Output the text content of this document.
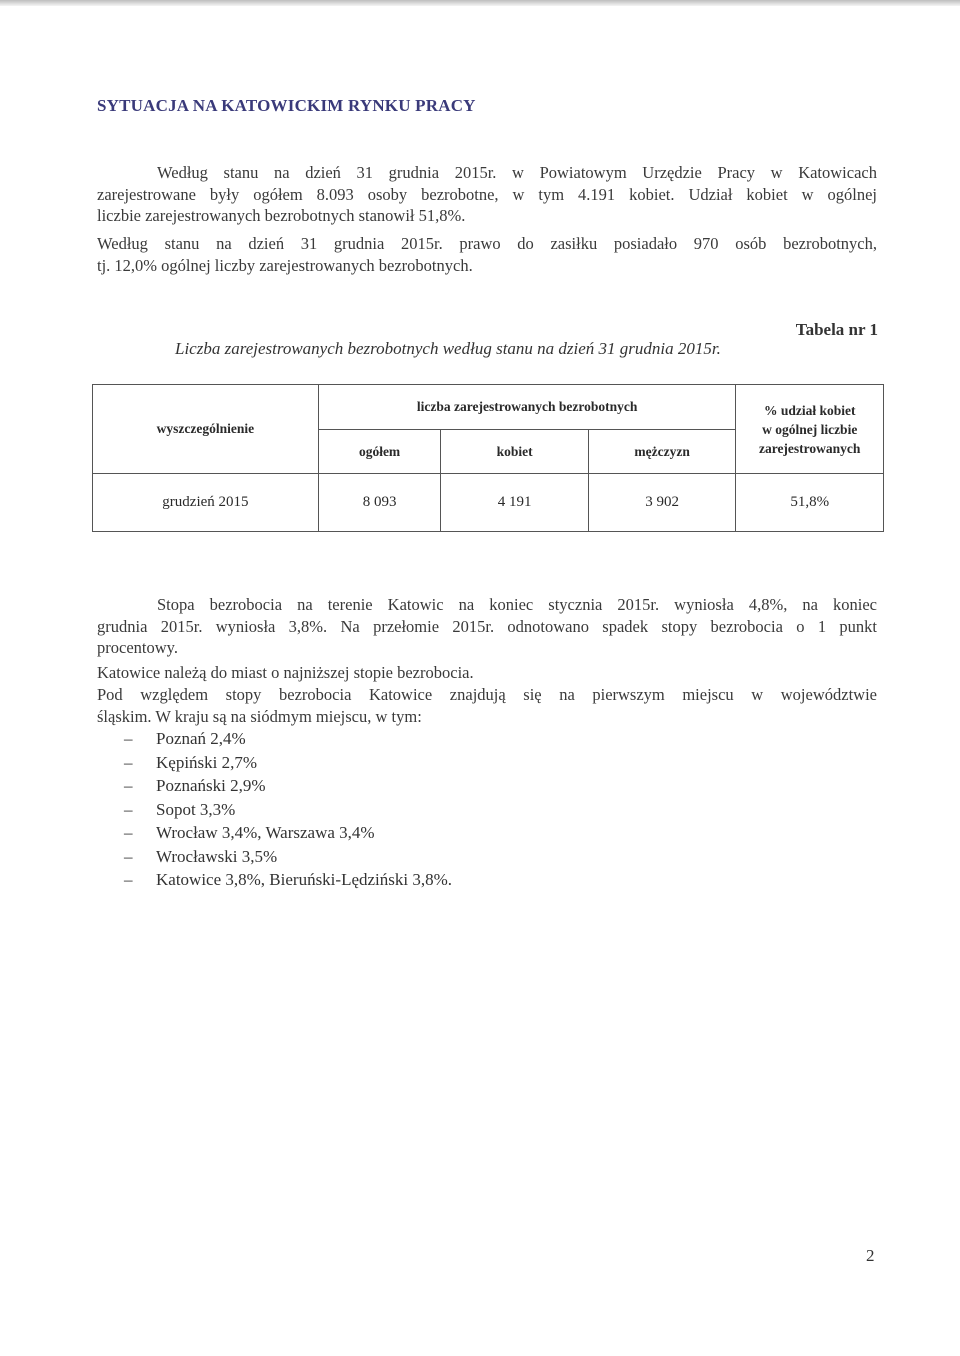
SYTUACJA NA KATOWICKIM RYNKU PRACY
Według stanu na dzień 31 grudnia 2015r. w Powiatowym Urzędzie Pracy w Katowicach
zarejestrowane były ogółem 8.093 osoby bezrobotne, w tym 4.191 kobiet. Udział kobiet w ogólnej
liczbie zarejestrowanych bezrobotnych stanowił 51,8%.
Według stanu na dzień 31 grudnia 2015r. prawo do zasiłku posiadało 970 osób bezrobotnych,
tj. 12,0% ogólnej liczby zarejestrowanych bezrobotnych.
Tabela nr 1
Liczba zarejestrowanych bezrobotnych według stanu na dzień 31 grudnia 2015r.
wyszczególnienie	liczba zarejestrowanych bezrobotnych			% udział kobiet
w ogólnej liczbie
zarejestrowanych

	ogółem	kobiet	mężczyzn	
grudzień 2015	8 093	4 191	3 902	51,8%
Stopa bezrobocia na terenie Katowic na koniec stycznia 2015r. wyniosła 4,8%, na koniec
grudnia 2015r. wyniosła 3,8%. Na przełomie 2015r. odnotowano spadek stopy bezrobocia o 1 punkt
procentowy.
Katowice należą do miast o najniższej stopie bezrobocia.
Pod względem stopy bezrobocia Katowice znajdują się na pierwszym miejscu w województwie
śląskim. W kraju są na siódmym miejscu, w tym:
– Poznań 2,4%
– Kępiński 2,7%
– Poznański 2,9%
– Sopot 3,3%
– Wrocław 3,4%, Warszawa 3,4%
– Wrocławski 3,5%
– Katowice 3,8%, Bieruński-Lędziński 3,8%.
2
